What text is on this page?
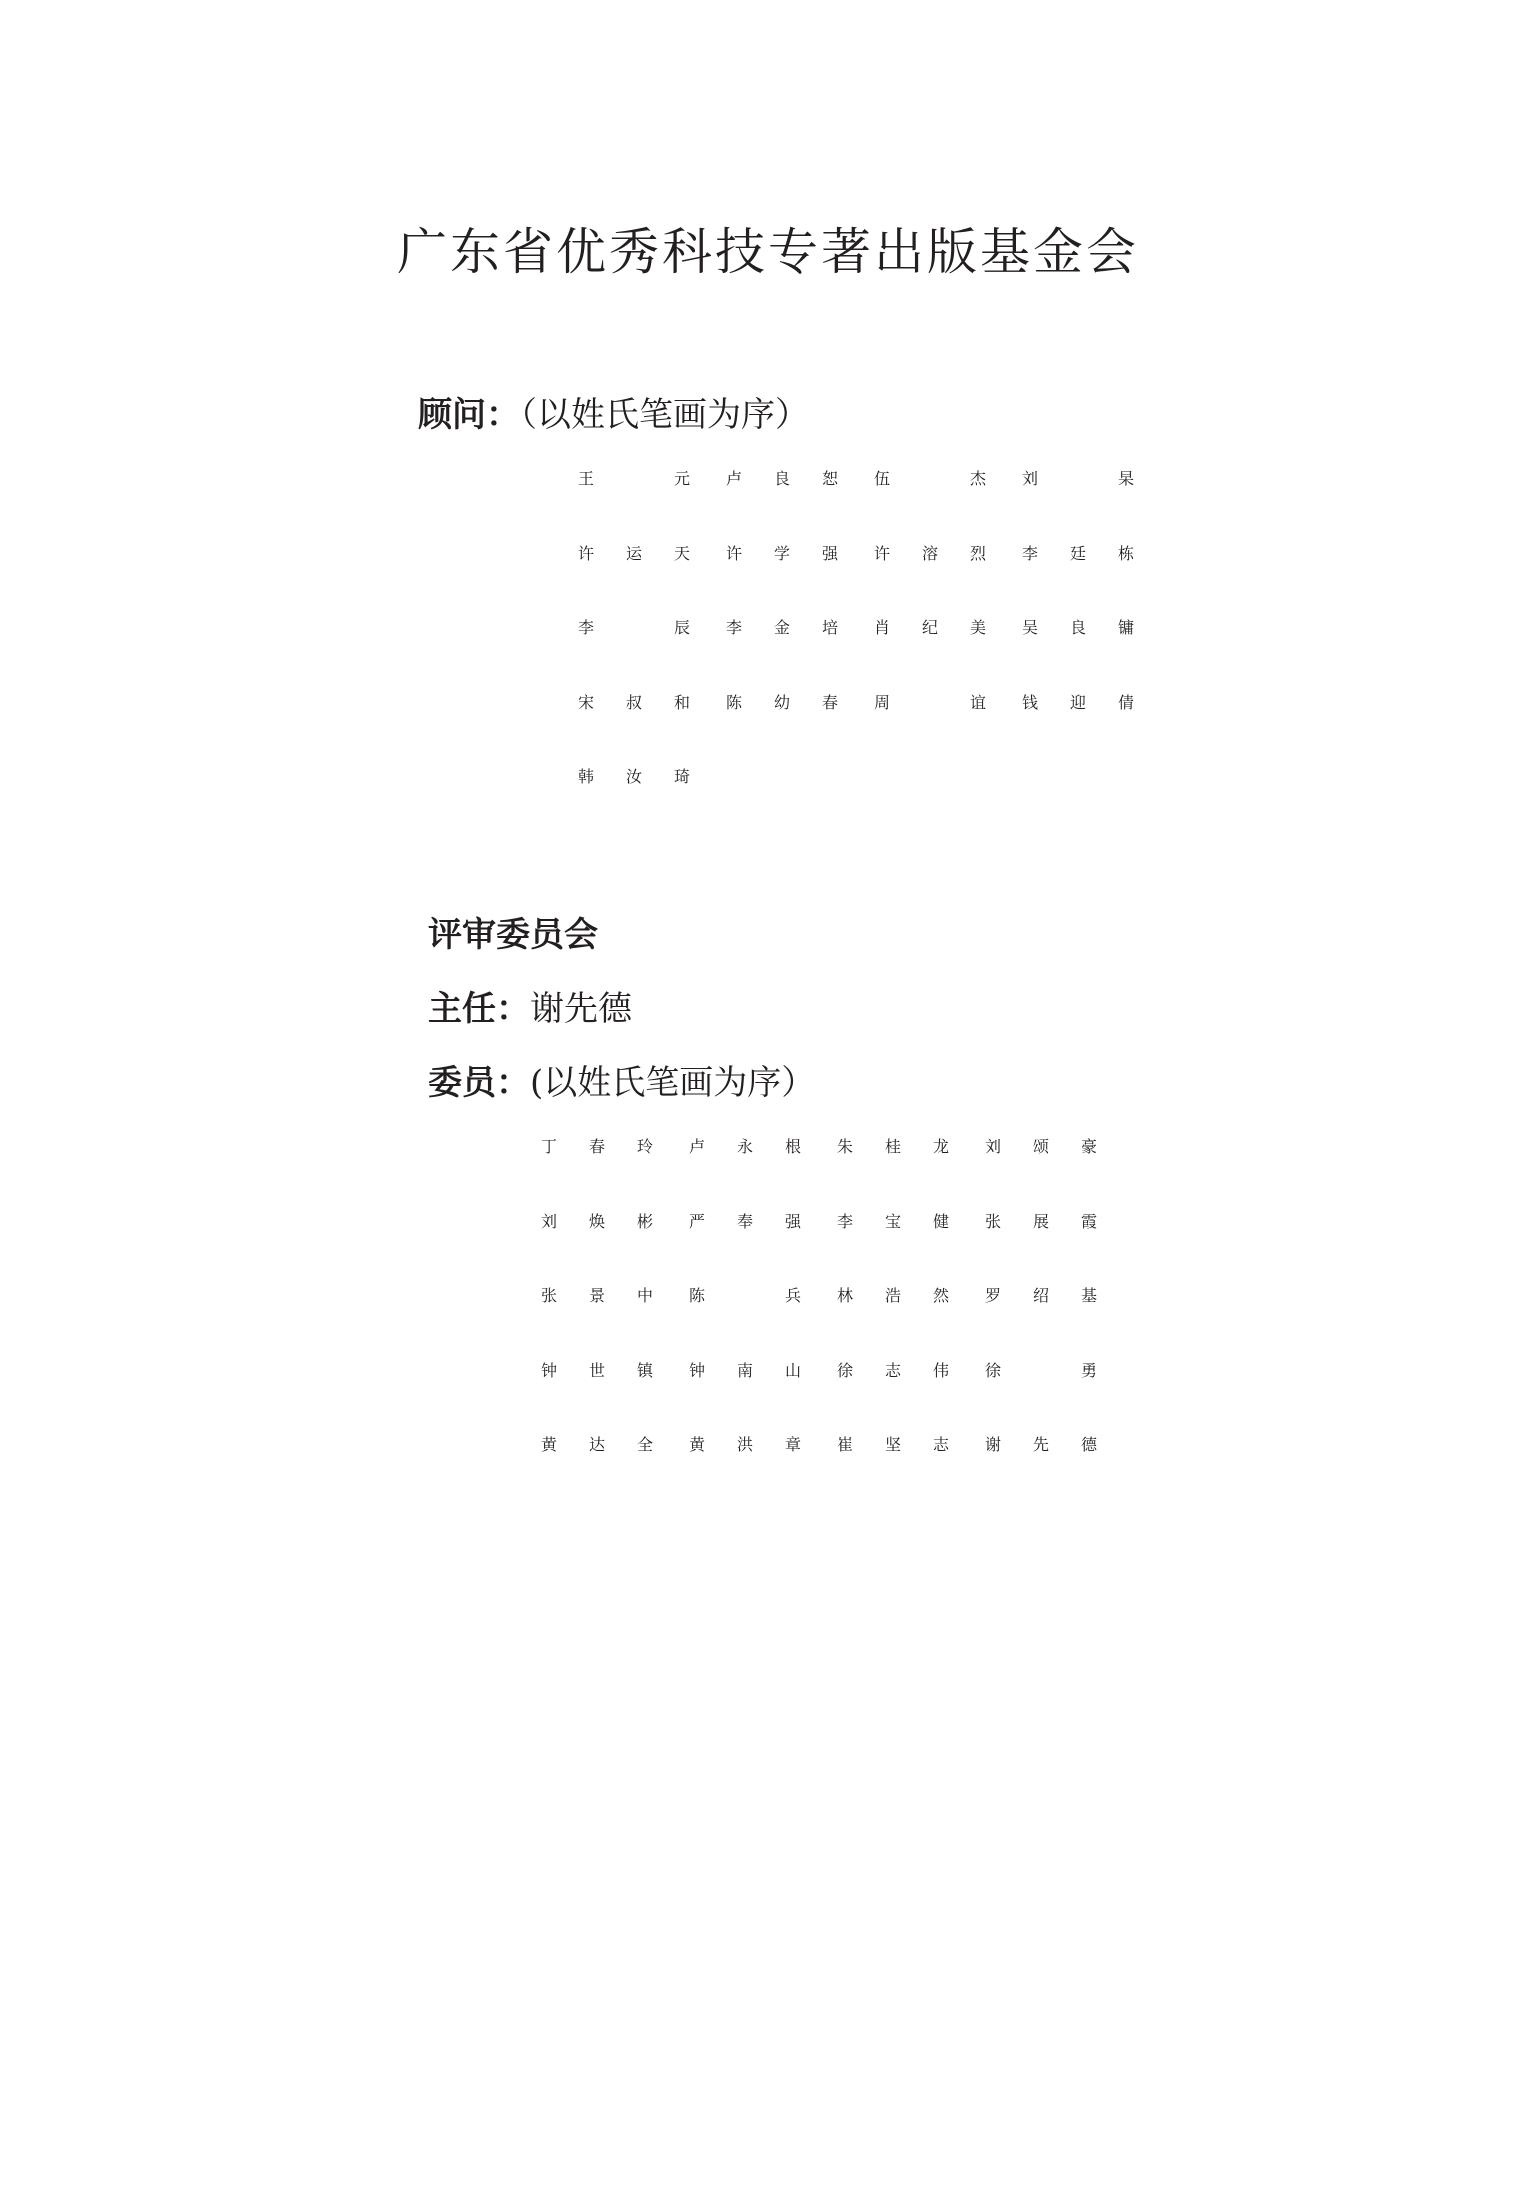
广东省优秀科技专著出版基金会
顾问：（以姓氏笔画为序）
王	元 卢 良 恕 伍	杰 刘	杲
许 运 天 许 学 强 许 溶 烈 李 廷 栋
李	辰 李 金 培 肖 纪 美 吴 良 镛
宋 叔 和 陈 幼 春 周	谊 钱 迎 倩
韩 汝 琦
评审委员会
主任：谢先德
委员：(以姓氏笔画为序）
丁 春 玲 卢 永 根 朱 桂 龙 刘 颂 豪
刘 焕 彬 严 奉 强 李 宝 健 张 展 霞
张 景 中 陈	兵 林 浩 然 罗 绍 基
钟 世 镇 钟 南 山 徐 志 伟 徐	勇
黄 达 全 黄 洪 章 崔 坚 志 谢 先 德
